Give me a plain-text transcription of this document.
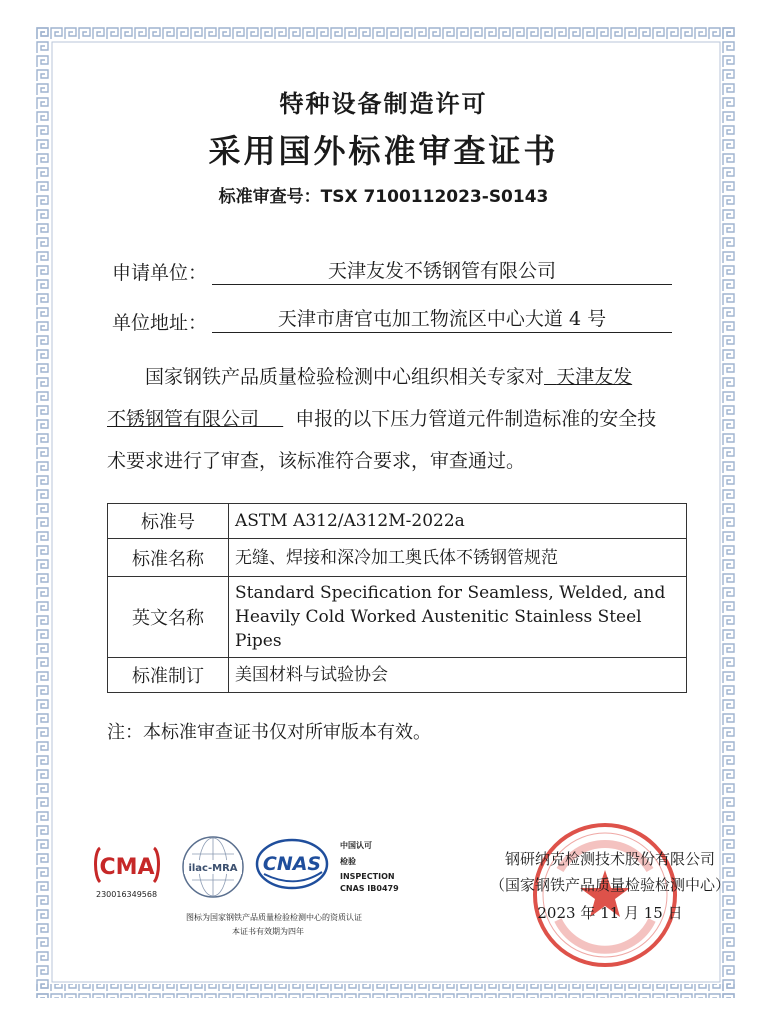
特种设备制造许可
采用国外标准审查证书
标准审查号：TSX 7100112023-S0143
申请单位：	天津友发不锈钢管有限公司
单位地址：	天津市唐官屯加工物流区中心大道 4 号
国家钢铁产品质量检验检测中心组织相关专家对 天津友发
不锈钢管有限公司 申报的以下压力管道元件制造标准的安全技
术要求进行了审查，该标准符合要求，审查通过。
标准号	ASTM A312/A312M-2022a
标准名称	无缝、焊接和深冷加工奥氏体不锈钢管规范
英文名称	Standard Specification for Seamless, Welded, and
Heavily Cold Worked Austenitic Stainless Steel Pipes

标准制订	美国材料与试验协会
注：本标准审查证书仅对所审版本有效。
CMA
230016349568
ilac-MRA CNAS
中国认可
检验
INSPECTION
CNAS IB0479
图标为国家钢铁产品质量检验检测中心的资质认证
本证书有效期为四年
钢研纳克检测技术股份有限公司
（国家钢铁产品质量检验检测中心）
2023 年 11 月 15 日
